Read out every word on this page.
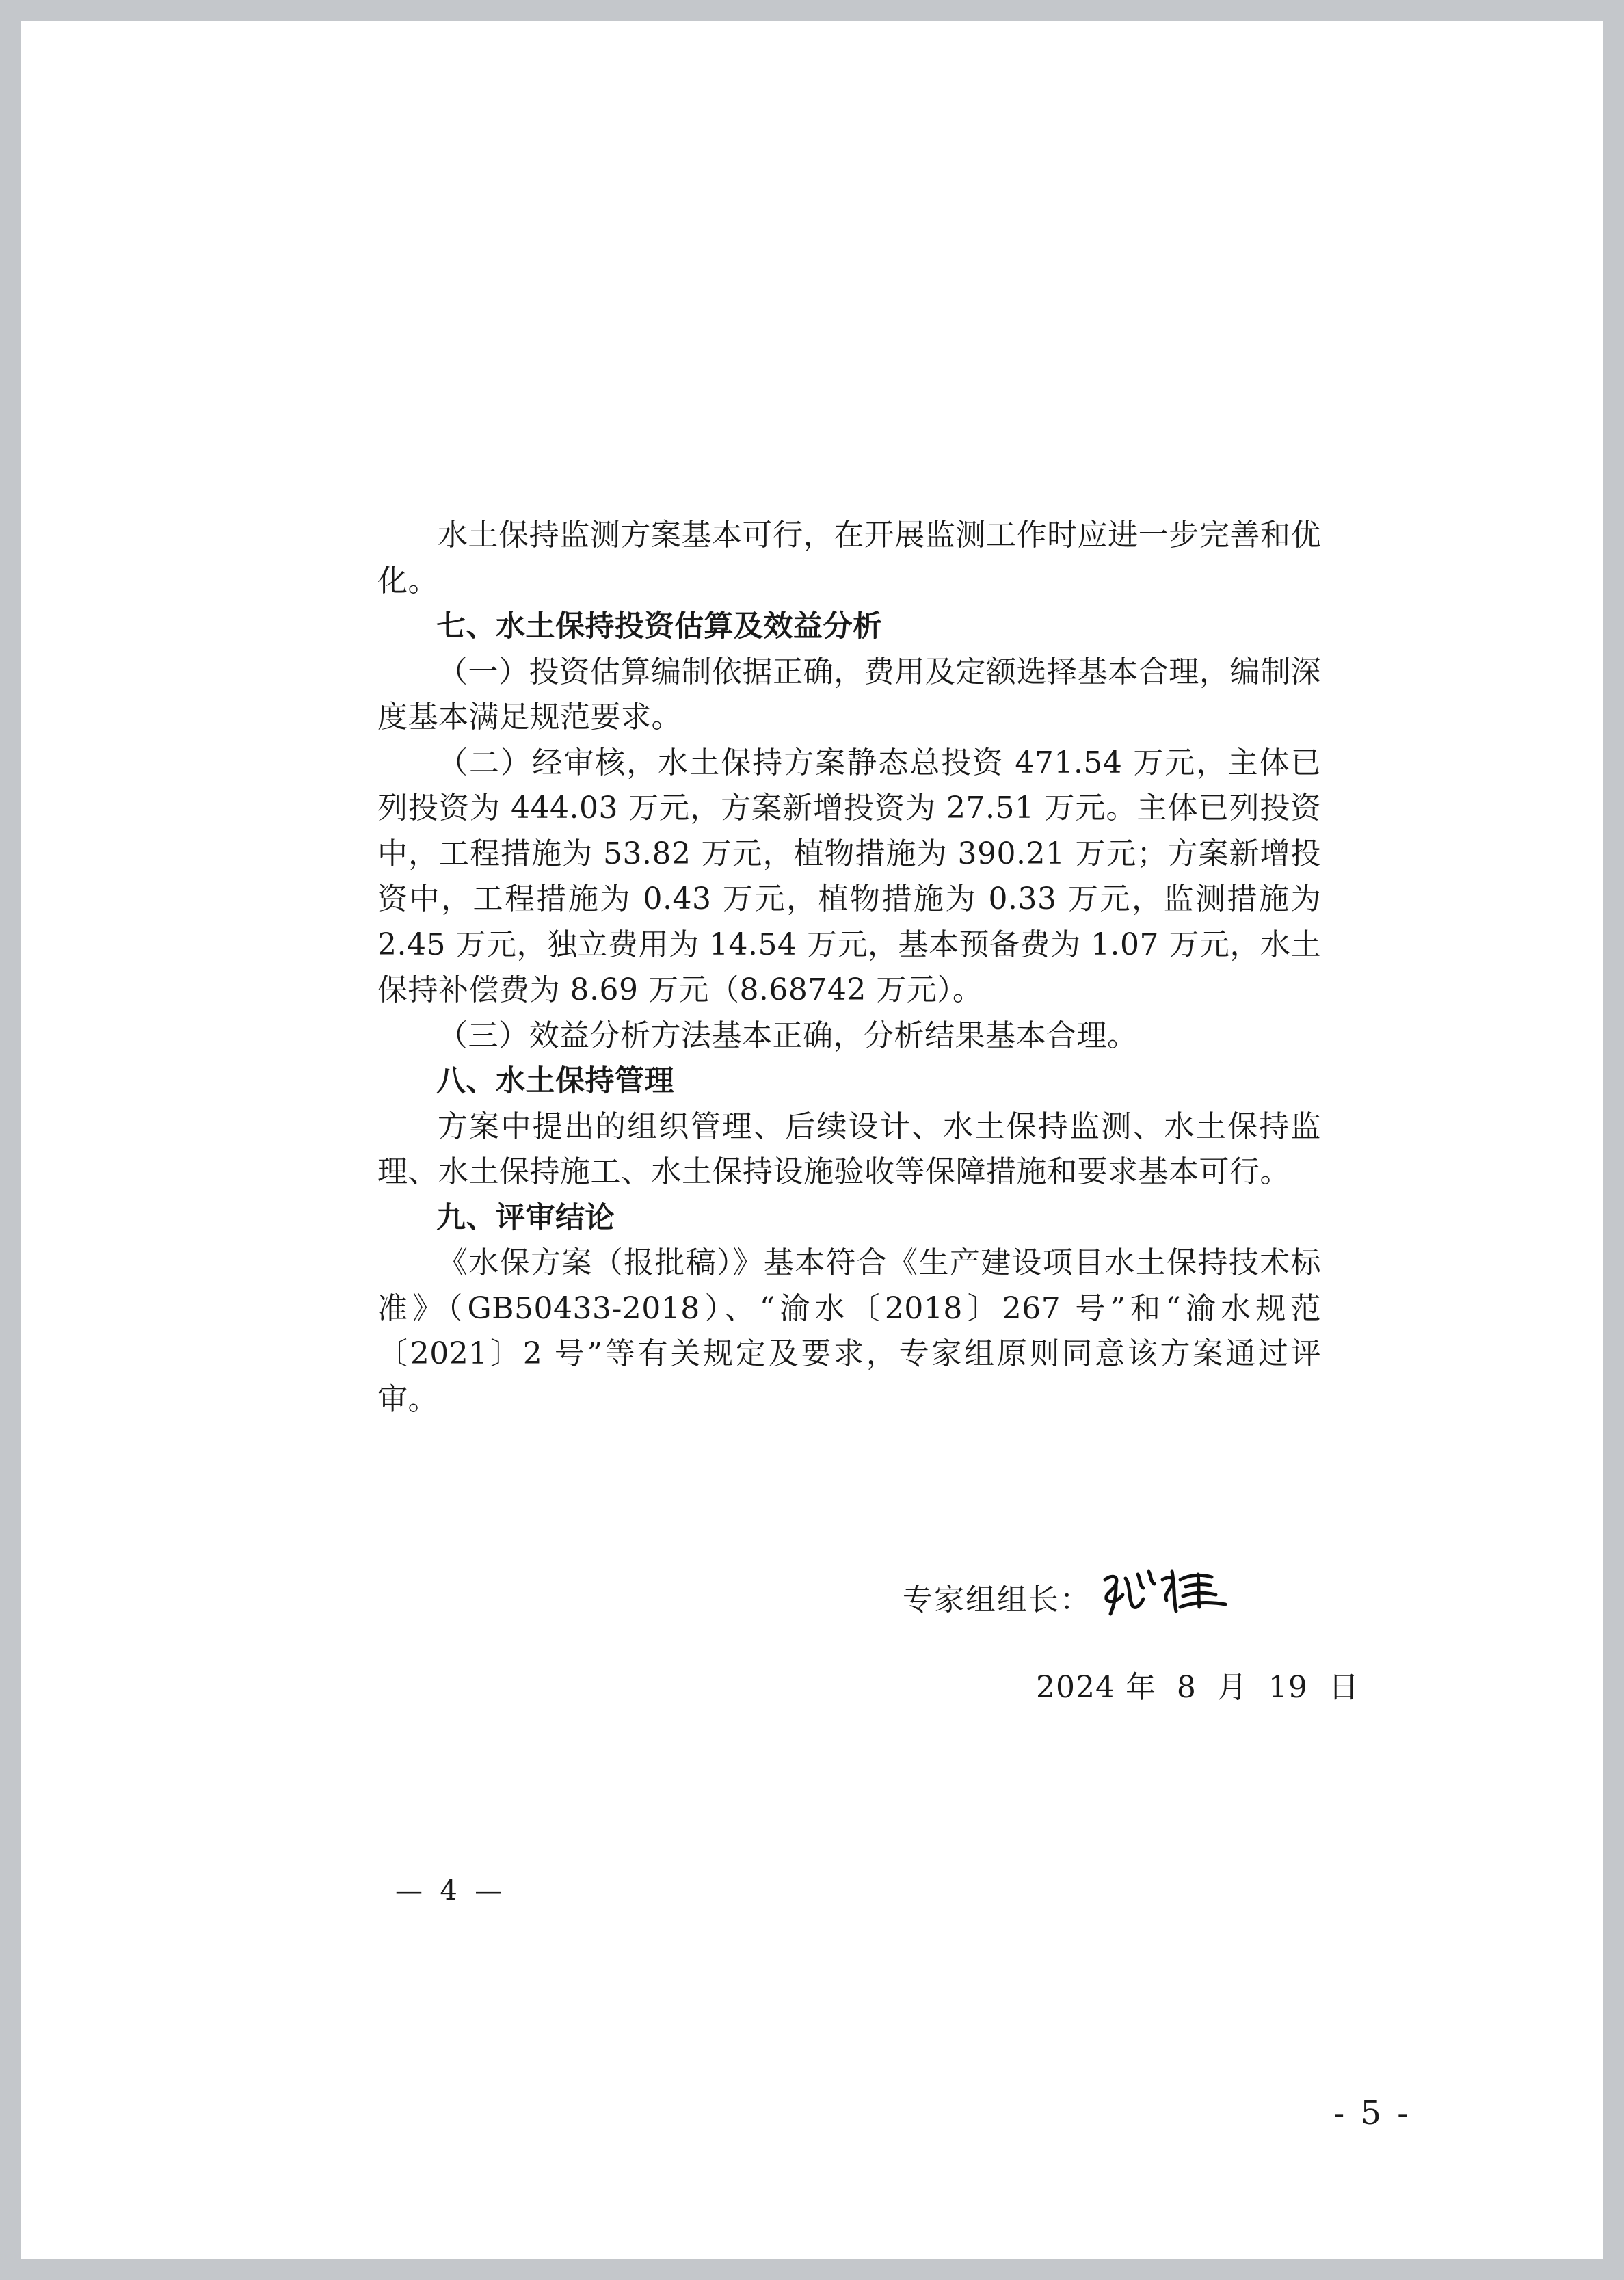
水土保持监测方案基本可行，在开展监测工作时应进一步完善和优化。

七、水土保持投资估算及效益分析

（一）投资估算编制依据正确，费用及定额选择基本合理，编制深度基本满足规范要求。

（二）经审核，水土保持方案静态总投资 471.54 万元，主体已列投资为 444.03 万元，方案新增投资为 27.51 万元。主体已列投资中，工程措施为 53.82 万元，植物措施为 390.21 万元；方案新增投资中，工程措施为 0.43 万元，植物措施为 0.33 万元，监测措施为 2.45 万元，独立费用为 14.54 万元，基本预备费为 1.07 万元，水土保持补偿费为 8.69 万元（8.68742 万元）。

（三）效益分析方法基本正确，分析结果基本合理。

八、水土保持管理

方案中提出的组织管理、后续设计、水土保持监测、水土保持监理、水土保持施工、水土保持设施验收等保障措施和要求基本可行。

九、评审结论

《水保方案（报批稿）》基本符合《生产建设项目水土保持技术标准》（GB50433-2018）、“渝水〔2018〕267 号”和“渝水规范〔2021〕2 号”等有关规定及要求，专家组原则同意该方案通过评审。

专家组组长：
2024 年  8  月  19  日
—  4  —
- 5 -
